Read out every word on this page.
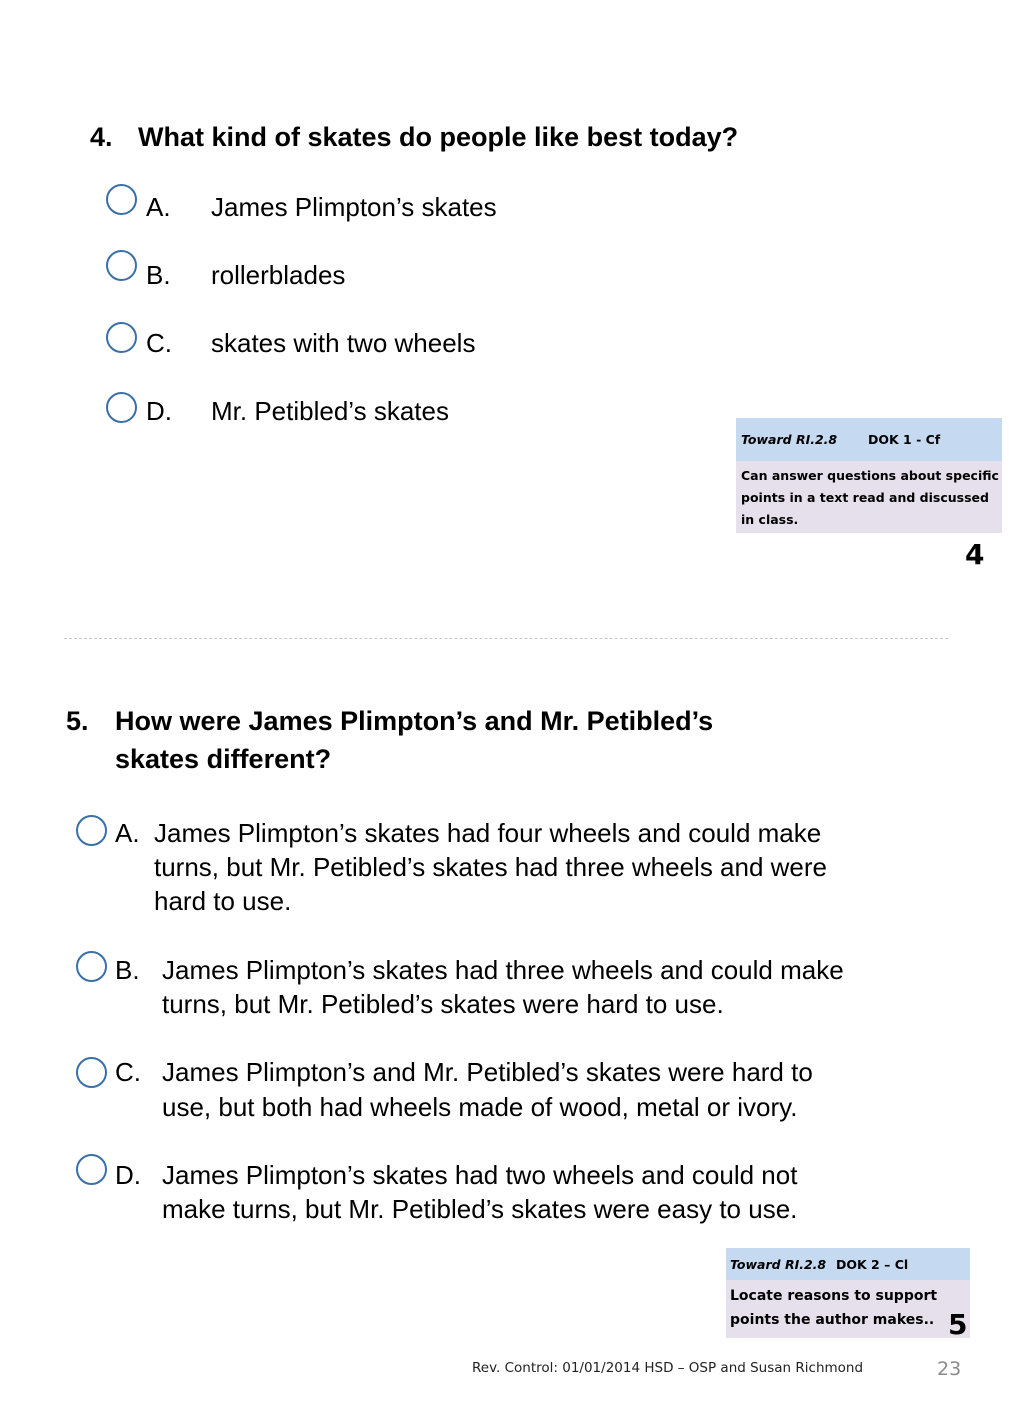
4. What kind of skates do people like best today?
A. James Plimpton’s skates
B. rollerblades
C. skates with two wheels
D. Mr. Petibled’s skates
Toward RI.2.8 DOK 1 - Cf
Can answer questions about specific points in a text read and discussed in class.
4
5. How were James Plimpton’s and Mr. Petibled’s
skates different?
A. James Plimpton’s skates had four wheels and could make
turns, but Mr. Petibled’s skates had three wheels and were
hard to use.
B. James Plimpton’s skates had three wheels and could make
turns, but Mr. Petibled’s skates were hard to use.
C. James Plimpton’s and Mr. Petibled’s skates were hard to
use, but both had wheels made of wood, metal or ivory.
D. James Plimpton’s skates had two wheels and could not
make turns, but Mr. Petibled’s skates were easy to use.
Toward RI.2.8 DOK 2 – Cl
Locate reasons to support
points the author makes.. 5
Rev. Control: 01/01/2014 HSD – OSP and Susan Richmond	23
